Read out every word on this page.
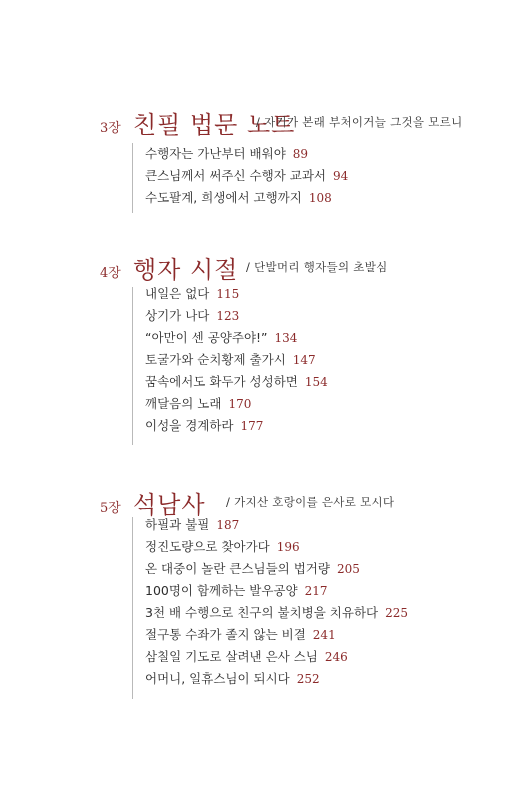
3장 친필 법문 노트
/ 자기가 본래 부처이거늘 그것을 모르니
수행자는 가난부터 배워야 89
큰스님께서 써주신 수행자 교과서 94
수도팔계, 희생에서 고행까지 108
4장 행자 시절 / 단발머리 행자들의 초발심
내일은 없다 115
상기가 나다 123
“아만이 센 공양주야!” 134
토굴가와 순치황제 출가시 147
꿈속에서도 화두가 성성하면 154
깨달음의 노래 170
이성을 경계하라 177
5장 석남사 / 가지산 호랑이를 은사로 모시다
하필과 불필 187
정진도량으로 찾아가다 196
온 대중이 놀란 큰스님들의 법거량 205
100명이 함께하는 발우공양 217
3천 배 수행으로 친구의 불치병을 치유하다 225
절구통 수좌가 졸지 않는 비결 241
삼칠일 기도로 살려낸 은사 스님 246
어머니, 일휴스님이 되시다 252
